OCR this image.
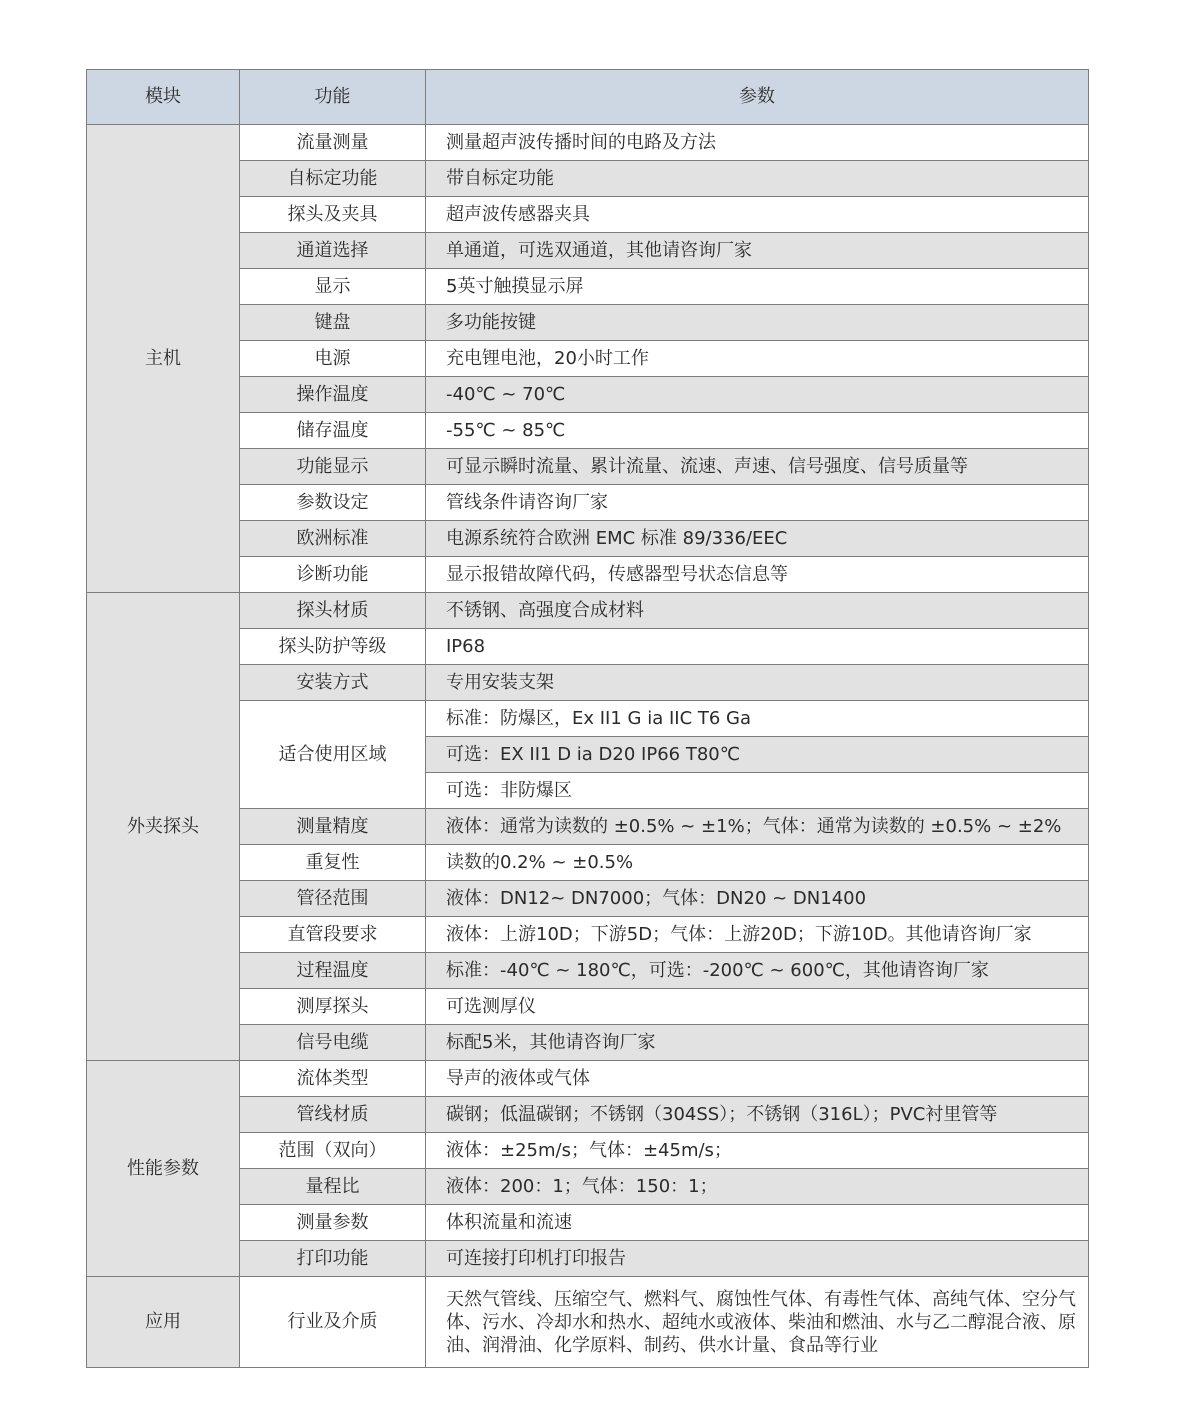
模块	功能	参数
主机	流量测量	测量超声波传播时间的电路及方法
	自标定功能	带自标定功能
	探头及夹具	超声波传感器夹具
	通道选择	单通道，可选双通道，其他请咨询厂家
	显示	5英寸触摸显示屏
	键盘	多功能按键
	电源	充电锂电池，20小时工作
	操作温度	-40℃ ~ 70℃
	储存温度	-55℃ ~ 85℃
	功能显示	可显示瞬时流量、累计流量、流速、声速、信号强度、信号质量等
	参数设定	管线条件请咨询厂家
	欧洲标准	电源系统符合欧洲 EMC 标准 89/336/EEC
	诊断功能	显示报错故障代码，传感器型号状态信息等
外夹探头	探头材质	不锈钢、高强度合成材料
	探头防护等级	IP68
	安装方式	专用安装支架
	适合使用区域	标准：防爆区，Ex II1 G ia IIC T6 Ga
		可选：EX II1 D ia D20 IP66 T80℃
		可选：非防爆区
	测量精度	液体：通常为读数的 ±0.5% ~ ±1%；气体：通常为读数的 ±0.5% ~ ±2%
	重复性	读数的0.2% ~ ±0.5%
	管径范围	液体：DN12~ DN7000；气体：DN20 ~ DN1400
	直管段要求	液体：上游10D；下游5D；气体：上游20D；下游10D。其他请咨询厂家
	过程温度	标准：-40℃ ~ 180℃，可选：-200℃ ~ 600℃，其他请咨询厂家
	测厚探头	可选测厚仪
	信号电缆	标配5米，其他请咨询厂家
性能参数	流体类型	导声的液体或气体
	管线材质	碳钢；低温碳钢；不锈钢（304SS）；不锈钢（316L）；PVC衬里管等
	范围（双向）	液体：±25m/s；气体：±45m/s；
	量程比	液体：200：1；气体：150：1；
	测量参数	体积流量和流速
	打印功能	可连接打印机打印报告
应用	行业及介质	天然气管线、压缩空气、燃料气、腐蚀性气体、有毒性气体、高纯气体、空分气体、污水、冷却水和热水、超纯水或液体、柴油和燃油、水与乙二醇混合液、原油、润滑油、化学原料、制药、供水计量、食品等行业
